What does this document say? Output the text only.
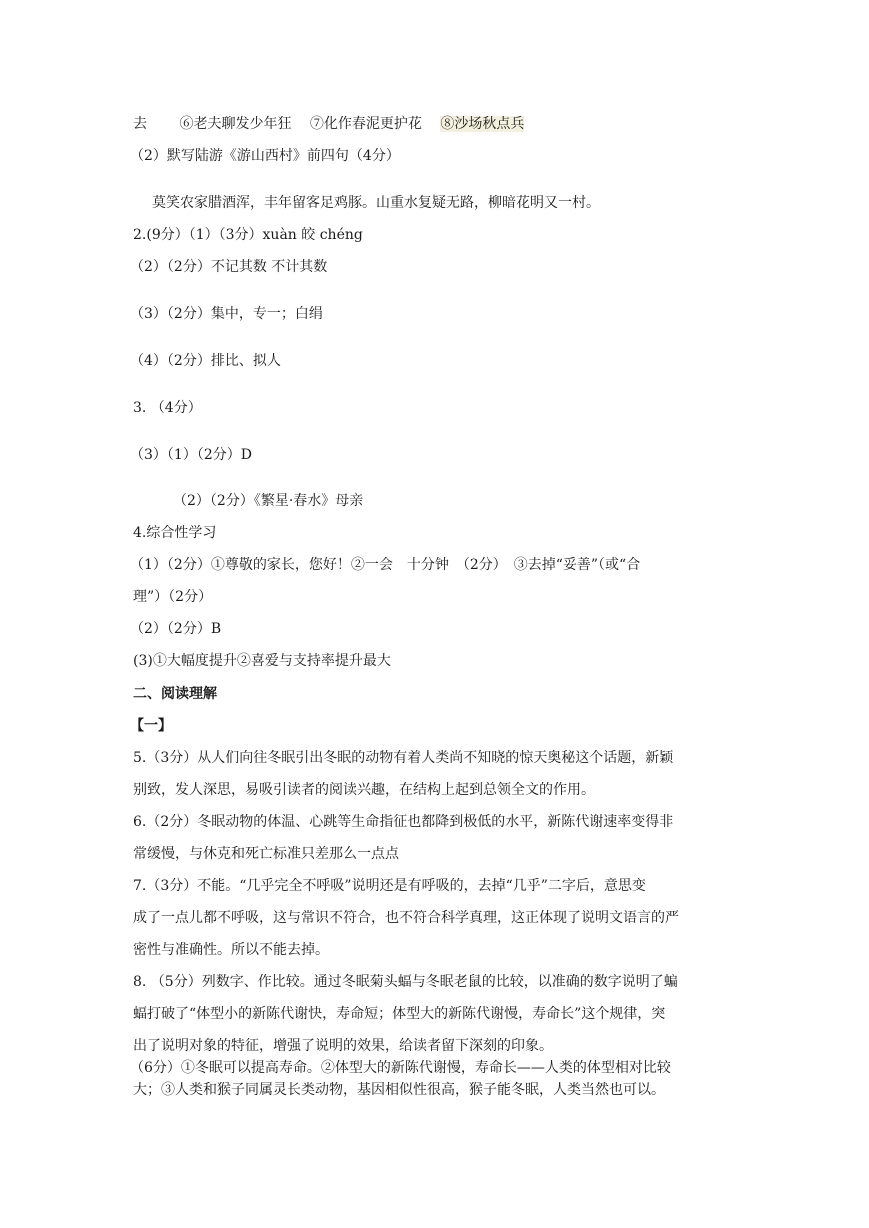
去 ⑥老夫聊发少年狂 ⑦化作春泥更护花 ⑧沙场秋点兵
（2）默写陆游《游山西村》前四句（4分）
莫笑农家腊酒浑，丰年留客足鸡豚。山重水复疑无路，柳暗花明又一村。
2.(9分）（1）（3分）xuàn 皎 chéng
（2）（2分）不记其数 不计其数
（3）（2分）集中，专一；白绢
（4）（2分）排比、拟人
3. （4分）
（3）（1）（2分）D
（2）（2分）《繁星·春水》母亲
4.综合性学习
（1）（2分）①尊敬的家长，您好！②一会　十分钟　（2分）　③去掉“妥善”（或“合
理”）（2分）
（2）（2分）B
(3)①大幅度提升②喜爱与支持率提升最大
二、阅读理解
【一】
5.（3分）从人们向往冬眠引出冬眠的动物有着人类尚不知晓的惊天奥秘这个话题，新颖
别致，发人深思，易吸引读者的阅读兴趣，在结构上起到总领全文的作用。
6.（2分）冬眠动物的体温、心跳等生命指征也都降到极低的水平，新陈代谢速率变得非
常缓慢，与休克和死亡标准只差那么一点点
7.（3分）不能。“几乎完全不呼吸”说明还是有呼吸的，去掉“几乎”二字后，意思变
成了一点儿都不呼吸，这与常识不符合，也不符合科学真理，这正体现了说明文语言的严
密性与准确性。所以不能去掉。
8. （5分）列数字、作比较。通过冬眠菊头蝠与冬眠老鼠的比较，以准确的数字说明了蝙
蝠打破了“体型小的新陈代谢快，寿命短；体型大的新陈代谢慢，寿命长”这个规律，突
出了说明对象的特征，增强了说明的效果，给读者留下深刻的印象。
（6分）①冬眠可以提高寿命。②体型大的新陈代谢慢，寿命长——人类的体型相对比较
大；③人类和猴子同属灵长类动物，基因相似性很高，猴子能冬眠，人类当然也可以。
